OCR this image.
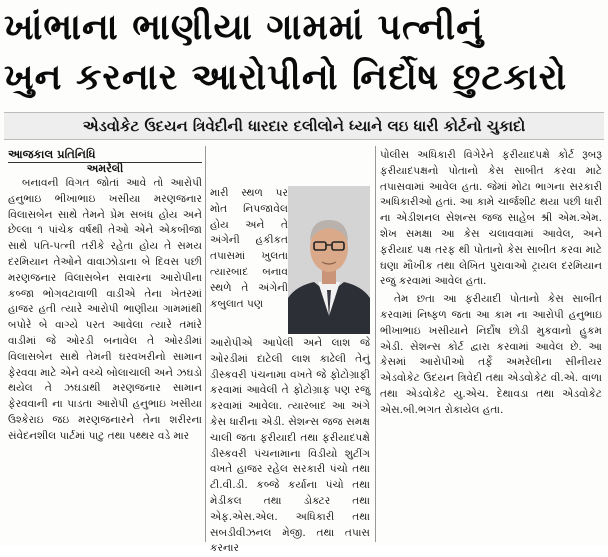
ખાંભાના ભાણીયા ગામમાં પત્નીનું
ખુન કરનાર આરોપીનો નિર્દોષ છુટકારો
એડવોકેટ ઉદયન ત્રિવેદીની ધારદાર દલીલોને ધ્યાને લઇ ધારી કોર્ટનો ચુકાદો
આજકાલ પ્રતિનિધિ
અમરેલી

બનાવની વિગત જોતાં આવે તો આરોપી હનુભાઇ ભીખાભાઇ ખસીયા મરણજનાર વિલાસબેન સાથે તેમને પ્રેમ સબંધ હોય અને છેલ્લા ૧ પાંચેક વર્ષથી તેઓ એને એકબીજા સાથે પતિ-પત્ની તરીકે રહેતા હોય તે સમય દરમિયાન તેઓને વાવાઝોડાના બે દિવસ પછી મરણજનાર વિલાસબેન સવારના આરોપીના કબ્જા ભોગવટાવાળી વાડીએ તેના ખેતરમાં હાજર હતી ત્યારે આરોપી ભાણીયા ગામમાંથી બપોરે બે વાગ્યે પરત આવેલા ત્યારે તમાંરે વાડીમાં જે ઓરડી બનાવેલ તે ઓરડીમાં વિલાસબેન સાથે તેમની ઘરવખરીનો સામાન ફેરવવા માટે એને વચ્ચે બોલાચાલી અને ઝઘડો થયેલ તે ઝઘડાથી મરણજનાર સામાન ફેરવવાની ના પાડતા આરોપી હનુભાઇ ખસીયા ઉશ્કેરાઇ જઇ મરણજનારને તેના શરીરના સંવેદનશીલ પાર્ટમાં પાટુ તથા પથ્થર વડે માર

મારી સ્થળ પર મોત નિપજાવેલ હોય અને તે અંગેની હકીકત તપાસમાં ખુલતા ત્યારબાદ બનાવ સ્થળે તે અંગેની કબુલાત પણ

આરોપીએ આપેલી અને લાશ જે ઓરડીમાં દાટેલી લાશ કાઢેલી તેનું ડીસ્કવરી પંચનામા વખતે જે ફોટોગ્રાફી કરવામાં આવેલી તે ફોટોગ્રાફ પણ રજુ કરવામાં આવેલા. ત્યારબાદ આ અંગે કેસ ધારીના એડી. સેશન્સ જજ સમક્ષ ચાલી જતા ફરીયાદી તથા ફરીયાદપક્ષે ડીસ્કવરી પંચનામાના વિડીયો શુટીંગ વખતે હાજર રહેલ સરકારી પંચો તથા ટી.વી.ડી. કબ્જે કર્યાના પંચો તથા મેડીકલ તથા ડોક્ટર તથા એફ.એસ.એલ. અધિકારી તથા સબડીવીઝનલ મેજી. તથા તપાસ કરનાર

પોલીસ અધિકારી વિગેરેને ફરીયાદપક્ષે કોર્ટ રૂબરૂ ફરીયાદપક્ષનો પોતાનો કેસ સાબીત કરવા માટે તપાસવામાં આવેલ હતા. જેમાં મોટા ભાગના સરકારી અધિકારીઓ હતાં. આ કામે ચાર્જશીટ થયા પછી ધારી ના એડીશનલ સેશન્સ જજ સાહેબ શ્રી એમ.એમ. શેખ સમક્ષા આ કેસ ચલાવવામાં આવેલ, અને ફરીયાદ પક્ષ તરફ થી પોતાનો કેસ સાબીત કરવા માટે ઘણા મૌખીક તથા લેખિત પુરાવાઓ ટ્રાયલ દરમિયાન રજુ કરવામાં આવેલ હતા.

તેમ છતા આ ફરીયાદી પોતાનો કેસ સાબીત કરવામાં નિષ્ફળ જતા આ કામ ના આરોપી હનુભાઇ ભીખાભાઇ ખસીયાને નિર્દોષ છોડી મુકવાનો હુકમ એડી. સેશન્સ કોર્ટ દ્વારા કરવામાં આવેલ છે. આ કેસમાં આરોપીઓ તર્ફે અમરેલીના સીનીયર એડવોકેટ ઉદયન ત્રિવેદી તથા એડવોકેટ વી.એ. વાળા તથા એડવોકેટ યુ.એચ. દેથાવડા તથા એડવોકેટ એસ.બી.ભગત રોકાયેલ હતા.
